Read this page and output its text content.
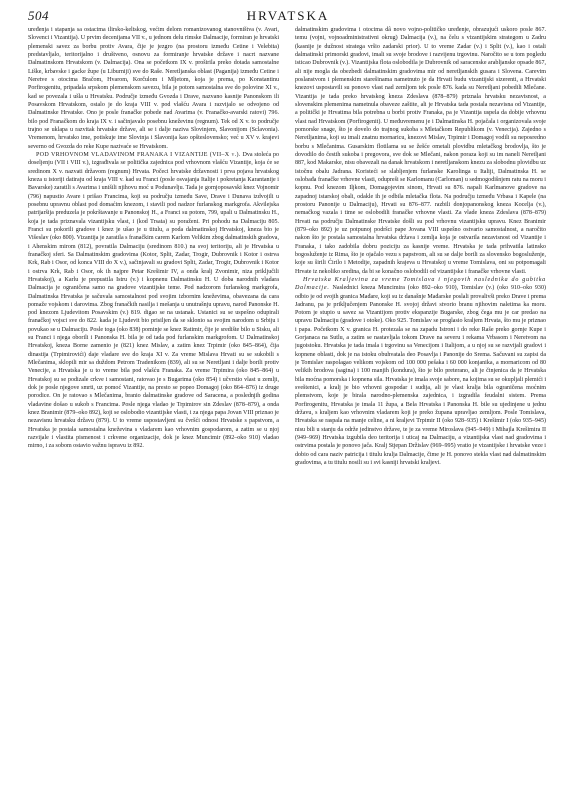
504	HRVATSKA

uređenja i stapanja sa ostacima ilirsko-keltskog, većim delom romanizovanog stanovništva (v. Avari, Slovenci i Vizantija). U prvim decenijama VII v., u jednom delu rimske Dalmacije, formiran je hrvatski plemenski savez za borbu protiv Avara, čije je jezgro (na prostoru između Cetine i Velebita) predstavljalo, teritorijalno i društveno, osnovu za formiranje hrvatske države i nacrt nazvane Dalmatinskom Hrvatskom (v. Dalmacija). Ona se početkom IX v. proširila preko dotada samostalne Liške, krbavske i gacke župe (u Liburniji) sve do Raše. Neretljanska oblast (Paganija) između Cetine i Neretve s otocima Bračom, Hvarom, Korčulom i Mljetom, koja je prema, po Konstantinu Porfirogenitu, pripadala srpskom plemenskom savezu, bila je potom samostalna sve do polovine XI v., kad se povezala i ušla u Hrvatsku. Područje između Gvozda i Drave, nazvano kasnije Panonskom ili Posavskom Hrvatskom, ostalo je do kraja VIII v. pod vlašću Avara i razvijalo se odvojeno od Dalmatinske Hrvatske. Ono je posle franačke pobede nad Avarima (v. Franačko-avarski ratovi) 796. bilo pod Franačkom do kraja IX v. i sačinjavalo posebnu kneževinu (regnum). Tek od X v. to područje trajno se uklapa u razvitak hrvatske države, ali se i dalje naziva Slovinjem, Slavonijom (Sclavonia). Vremenom, hrvatsko ime, potiskuje ime Slovinja i Slavonija kao opšteslovensko; već u XV v. krajevi severno od Gvozda do reke Kupe nazivaće se Hrvatskom.

POD VRHOVNOM VLADAVINOM FRANAKA I VIZANTIJE (VII–X v.). Dva stoleća po doseljenju (VII i VIII v.), izgrađivala se politička zajednica pod vrhovnom vlašću Vizantije, koja će se sredinom X v. nazvati državom (regnum) Hrvata. Počeci hrvatske državnosti i prva pojava hrvatskog kneza u istoriji datiraju od kraja VIII v. kad su Franci (posle osvajanja Italije i pokretanja Karantanije i Bavarske) zaratili s Avarima i unišili njihovu moć u Podunavlju. Tada je gornjoposavski knez Vojnomir (796) napustio Avare i prišao Francima, koji su području između Save, Drave i Dunava izdvojili u posebnu upravnu oblast pod domaćim knezom, i stavili pod nadzor furlanskog markgrofa. Akvilejska patrijaršija preduzela je pokrštavanje u Panonskoj H., a Franci su potom, 799, upali u Dalmatinsku H., koja je tada priznavala vizantijsku vlast, i (kod Trsata) su poraženi. Pri pohodu na Dalmaciju 805. Franci su pokorili gradove i knez je ušao je u titulu, a poda dalmatinskoj Hrvatskoj, kneza bio je Višeslav (oko 800). Vizantija je zaratila s franačkim carem Karlom Velikim zbog dalmatinskih gradova, i Ahenskim mirom (812), povratila Dalmaciju (sredinom 810.) na svoj teritoriju, ali je Hrvatska u franačkoj sferi. Sa Dalmatinskim gradovima (Kotor, Split, Zadar, Trogir, Dubrovnik i Kotor i ostrva Krk, Rab i Osor, od konca VIII do X v.), sačinjavali su gradovi Split, Zadar, Trogir, Dubrovnik i Kotor i ostrva Krk, Rab i Osor, ok ih najpre Petar Krešimir IV, a onda kralj Zvonimir, niza priključili Hrvatskoj), a Karlu je prepustila Istru (v.) i kopnenu Dalmatinsku H. U doba narodnih vladara Dalmacija je ograničena samo na gradove vizantijske teme. Pod nadzorom furlanskog markgrofa, Dalmatinska Hrvatska je sačuvala samostalnost pod svojim izbornim kneževima, obavezana da cara pomaže vojskom i darovima. Zbog franačkih nasilja i mešanja u unutrašnju upravu, narod Panonske H. pod knezom Ljudevitom Posavskim (v.) 819. digao se na ustanak. Ustanici su se uspešno odupirali franačkoj vojsci sve do 822. kada je Ljudevit bio prisiljen da se sklonio sa svojim narodom u Srbiju i povukao se u Dalmaciju. Posle toga (oko 838) pominje se knez Ratimir, čije je središte bilo u Sisku, ali su Franci i njega oborili i Panonska H. bila je od tada pod furlanskim markgrofom. U Dalmatinskoj Hrvatskoj, kneza Borne zamenio je (821) knez Mislav, a zatim knez Trpimir (oko 845–864), čija dinastija (Trpimirovići) daje vladare sve do kraja XI v. Za vreme Mislava Hrvati su se sukobili s Mlečanima, sklopili mir sa duždom Petrom Tradenikom (839), ali su se Neretljani i dalje borili protiv Venecije, a Hrvatska je u to vreme bila pod vlašću Franaka. Za vreme Trpimira (oko 845–864) u Hrvatskoj su se podizale crkve i samostani, ratovao je s Bugarima (oko 854) i učvrstio vlast u zemlji, dok je posle njegove smrti, uz pomoć Vizantije, na presto se popeo Domagoj (oko 864–876) iz druge porodice. On je ratovao s Mlečanima, branio dalmatinske gradove od Saracena, a poslednjih godina vladavine došao u sukob s Francima. Posle njega vladao je Trpimirov sin Zdeslav (878–879), a onda knez Branimir (879–oko 892), koji se oslobodio vizantijske vlasti, i za njega papa Jovan VIII priznao je nezavisnu hrvatsku državu (879). U to vreme uspostavljeni su čvršći odnosi Hrvatske s papstvom, a Hrvatska je postala samostalna kneževina s vladarem kao vrhovnim gospodarom, a zatim se u njoj razvijale i vlastita pismenost i crkvene organizacije, dok je knez Muncimir (892–oko 910) vladao mirno, i za sobom ostavio važnu ispravu iz 892.

dalmatinskim gradovima i otocima dâ novo vojno-političko uređenje, obrazujući uskoro posle 867. temu (vojni, vojnoadministrativni okrug) Dalmacija (v.), na čelu s vizantijskim strategom u Zadru (kasnije je dužnost stratega vršio zadarski prior). U to vreme Zadar (v.) i Split (v.), kao i ostali dalmatinski primorski gradovi, imali su svoje brodove i razvijenu trgovinu. Naročito se u tom pogledu isticao Dubrovnik (v.). Vizantijska flota oslobodila je Dubrovnik od saracenske arabljanske opsade 867, ali nije mogla da obezbedi dalmatinskim gradovima mir od neretljanskih gusara i Slovena. Carevim poslanstvom i plemenskim starešinama nametnuto je da Hrvati budu vizantijski sizerenti, a Hrvatski knezovi uspostavili su ponovo vlast nad zemljom tek posle 876. kada su Neretljani pobedili Mlečane. Vizantija je tada preko hrvatskog kneza Zdeslava (878–879) priznala hrvatsku nezavisnost, a slovenskim plemenima nametnula obaveze zaštite, ali je Hrvatska tada postala nezavisna od Vizantije, a politički je Hrvatima bila potrebna u borbi protiv Franaka, pa je Vizantija uspela da dobije vrhovnu vlast nad Hrvatskom (Porfirogenit). U međuvremenu je i Dalmatinska H. pojačala i organizovala svoje pomorske snage, što je dovelo do trajnog sukoba s Mletačkom Republikom (v. Venecija). Zajedno s Neretljanima, koji su imali znatnu mornaricu, knezovi Mislav, Trpimir i Domagoj vodili su neposredno borbu s Mlečanima. Gusarskim flotilama su se žešće ometali plovidbu mletačkog brodovlja, što je dovodilo do čestih sukoba i pregovora, sve dok se Mlečani, nakon poraza koji su im naneli Neretljani 887, kod Makarske, nisu obavezali na danak hrvatskom i neretljanskom knezu za slobodnu plovidbu uz istočnu obalu Jadrana. Koristeći se slabljenjem furlanske Karolinga u Italiji, Dalmatinska H. se oslobađa franačke vrhovne vlasti, odupreši se Karlomanu (Carloman) u sedmogodišnjem ratu na moru i kopnu. Pod knezom Iljkom, Domagojevim sinom, Hrvati su 876. napali Karlmanove gradove na zapadnoj istarskoj obali, odakle ih je odbila mletačka flota. Na području između Vrbasa i Kapele (na prostoru Panonije u Dalmaciju), Hrvati su 876–877. razbili donjopanonskog kneza Kocelja (v.), nemačkog vazala i time se oslobodili franačke vrhovne vlasti. Za vlade kneza Zdeslava (878–879) Hrvati na području Dalmatinske Hrvatske došli su pod vrhovnu vizantijsku upravu. Knez Branimir (879–oko 892) je uz potpunoj podršci pape Jovana VIII uspešno ostvario samostalnost, a naročito nakon što je postala samostalna hrvatska država i zemlja koja je ostvarila nezavisnost od Vizantije i Franaka, i tako zadobila dobru poziciju za kasnije vreme. Hrvatska je tada prihvatila latinsko bogosluženje iz Rima, što je ojačalo vezu s papstvom, ali su se dalje borili za slovensko bogosluženje, koje su širili Ćirilo i Metodije, zapadnih krajeva u Hrvatskoj u vreme Tomislava, oni su potpomagali Hrvate iz nekoliko sredina, da bi se konačno oslobodili od vizantijske i franačke vrhovne vlasti.

Hrvatska Kraljevina za vreme Tomislava i njegovih naslednika do gubitka Dalmacije. Naslednici kneza Muncimira (oko 892–oko 910), Tomislav (v.) (oko 910–oko 930) odbio je od svojih granica Mađare, koji su iz današnje Mađarske poslali provalivši preko Drave i prema Jadranu, pa je priključenjem Panonske H. svojoj državi stvorio branu njihovim naletima ka moru. Potom je stupio u savez sa Vizantijom protiv ekspanzije Bugarske, zbog čega mu je car predao na upravu Dalmaciju (gradove i otoke). Oko 925. Tomislav se proglasio kraljem Hrvata, što mu je priznao i papa. Početkom X v. granica H. protezala se na zapadu Istroni i do reke Raše preko gornje Kupe i Gorjanaca na Sutlu, a zatim se nastavljala tokom Drave na severu i rekama Vrbasom i Neretvom na jugoistoku. Hrvatska je tada imala i trgovinu sa Venecijom i Italijom, a u njoj su se razvijali gradovi i kopnene oblasti, dok je na istoku obuhvatala deo Posavlja i Panonije do Srema. Sačuvani su zapisi da je Tomislav raspolagao velikom vojskom od 100 000 pešaka i 60 000 konjanika, a mornaricom od 80 velikih brodova (sagina) i 100 manjih (kondura), što je bilo preterano, ali je činjenica da je Hrvatska bila moćna pomorska i kopnena sila. Hrvatska je imala svoje sabore, na kojima su se okupljali plemići i sveštenici, a kralj je bio vrhovni gospodar i sudija, ali je vlast kralja bila ograničena moćnim plemstvom, koje je birala narodno-plemenska zajednica, i izgradila feudalni sistem. Prema Porfirogenitu, Hrvatska je imala 11 župa, a Bela Hrvatska i Panonska H. bile su ujedinjene u jednu državu, s kraljem kao vrhovnim vladarem koji je preko župana upravljao zemljom. Posle Tomislava, Hrvatska se raspala na manje celine, a ni kraljevi Trpimir II (oko 928–935) i Krešimir I (oko 935–945) nisu bili u stanju da održe jedinstvo države, te je za vreme Miroslava (945–949) i Mihajla Krešimira II (949–969) Hrvatska izgubila deo teritorija i uticaj na Dalmaciju, a vizantijska vlast nad gradovima i ostrvima postala je ponovo jača. Kralj Stjepan Držislav (969–995) vratio je vizantijske i hrvatske veze i dobio od cara naziv patricija i titulu kralja Dalmacije, čime je H. ponovo stekla vlast nad dalmatinskim gradovima, a tu titulu nosili su i svi kasniji hrvatski kraljevi.
